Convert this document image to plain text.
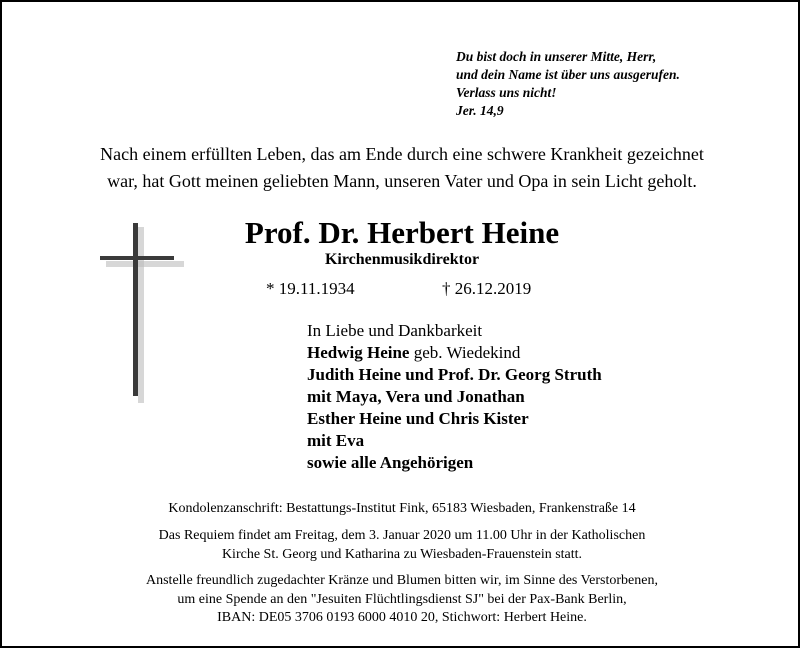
Du bist doch in unserer Mitte, Herr,
und dein Name ist über uns ausgerufen.
Verlass uns nicht!
Jer. 14,9
Nach einem erfüllten Leben, das am Ende durch eine schwere Krankheit gezeichnet
war, hat Gott meinen geliebten Mann, unseren Vater und Opa in sein Licht geholt.
Prof. Dr. Herbert Heine
Kirchenmusikdirektor
* 19.11.1934	† 26.12.2019
In Liebe und Dankbarkeit
Hedwig Heine geb. Wiedekind
Judith Heine und Prof. Dr. Georg Struth
mit Maya, Vera und Jonathan
Esther Heine und Chris Kister
mit Eva
sowie alle Angehörigen
Kondolenzanschrift: Bestattungs-Institut Fink, 65183 Wiesbaden, Frankenstraße 14
Das Requiem findet am Freitag, dem 3. Januar 2020 um 11.00 Uhr in der Katholischen
Kirche St. Georg und Katharina zu Wiesbaden-Frauenstein statt.
Anstelle freundlich zugedachter Kränze und Blumen bitten wir, im Sinne des Verstorbenen,
um eine Spende an den "Jesuiten Flüchtlingsdienst SJ" bei der Pax-Bank Berlin,
IBAN: DE05 3706 0193 6000 4010 20, Stichwort: Herbert Heine.
